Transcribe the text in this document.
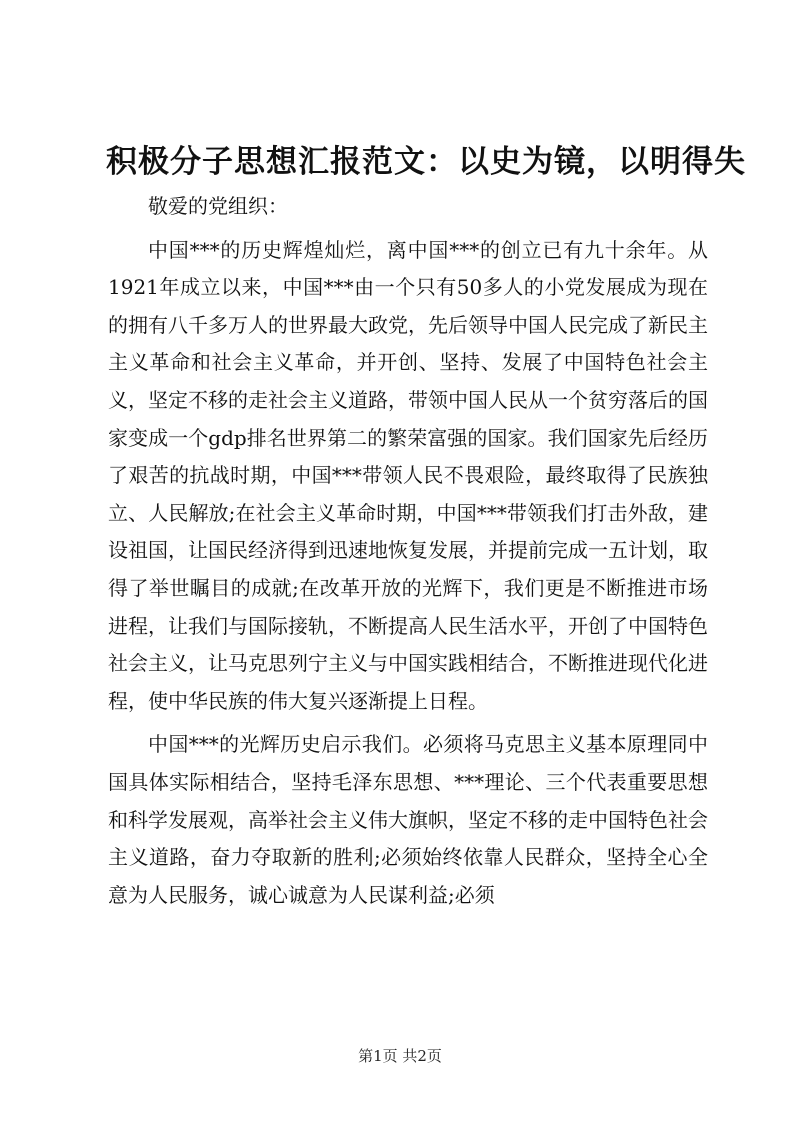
积极分子思想汇报范文：以史为镜，以明得失

敬爱的党组织：

中国***的历史辉煌灿烂，离中国***的创立已有九十余年。从1921年成立以来，中国***由一个只有50多人的小党发展成为现在的拥有八千多万人的世界最大政党，先后领导中国人民完成了新民主主义革命和社会主义革命，并开创、坚持、发展了中国特色社会主义，坚定不移的走社会主义道路，带领中国人民从一个贫穷落后的国家变成一个gdp排名世界第二的繁荣富强的国家。我们国家先后经历了艰苦的抗战时期，中国***带领人民不畏艰险，最终取得了民族独立、人民解放;在社会主义革命时期，中国***带领我们打击外敌，建设祖国，让国民经济得到迅速地恢复发展，并提前完成一五计划，取得了举世瞩目的成就;在改革开放的光辉下，我们更是不断推进市场进程，让我们与国际接轨，不断提高人民生活水平，开创了中国特色社会主义，让马克思列宁主义与中国实践相结合，不断推进现代化进程，使中华民族的伟大复兴逐渐提上日程。

中国***的光辉历史启示我们。必须将马克思主义基本原理同中国具体实际相结合，坚持毛泽东思想、***理论、三个代表重要思想和科学发展观，高举社会主义伟大旗帜，坚定不移的走中国特色社会主义道路，奋力夺取新的胜利;必须始终依靠人民群众，坚持全心全意为人民服务，诚心诚意为人民谋利益;必须

第1页 共2页
